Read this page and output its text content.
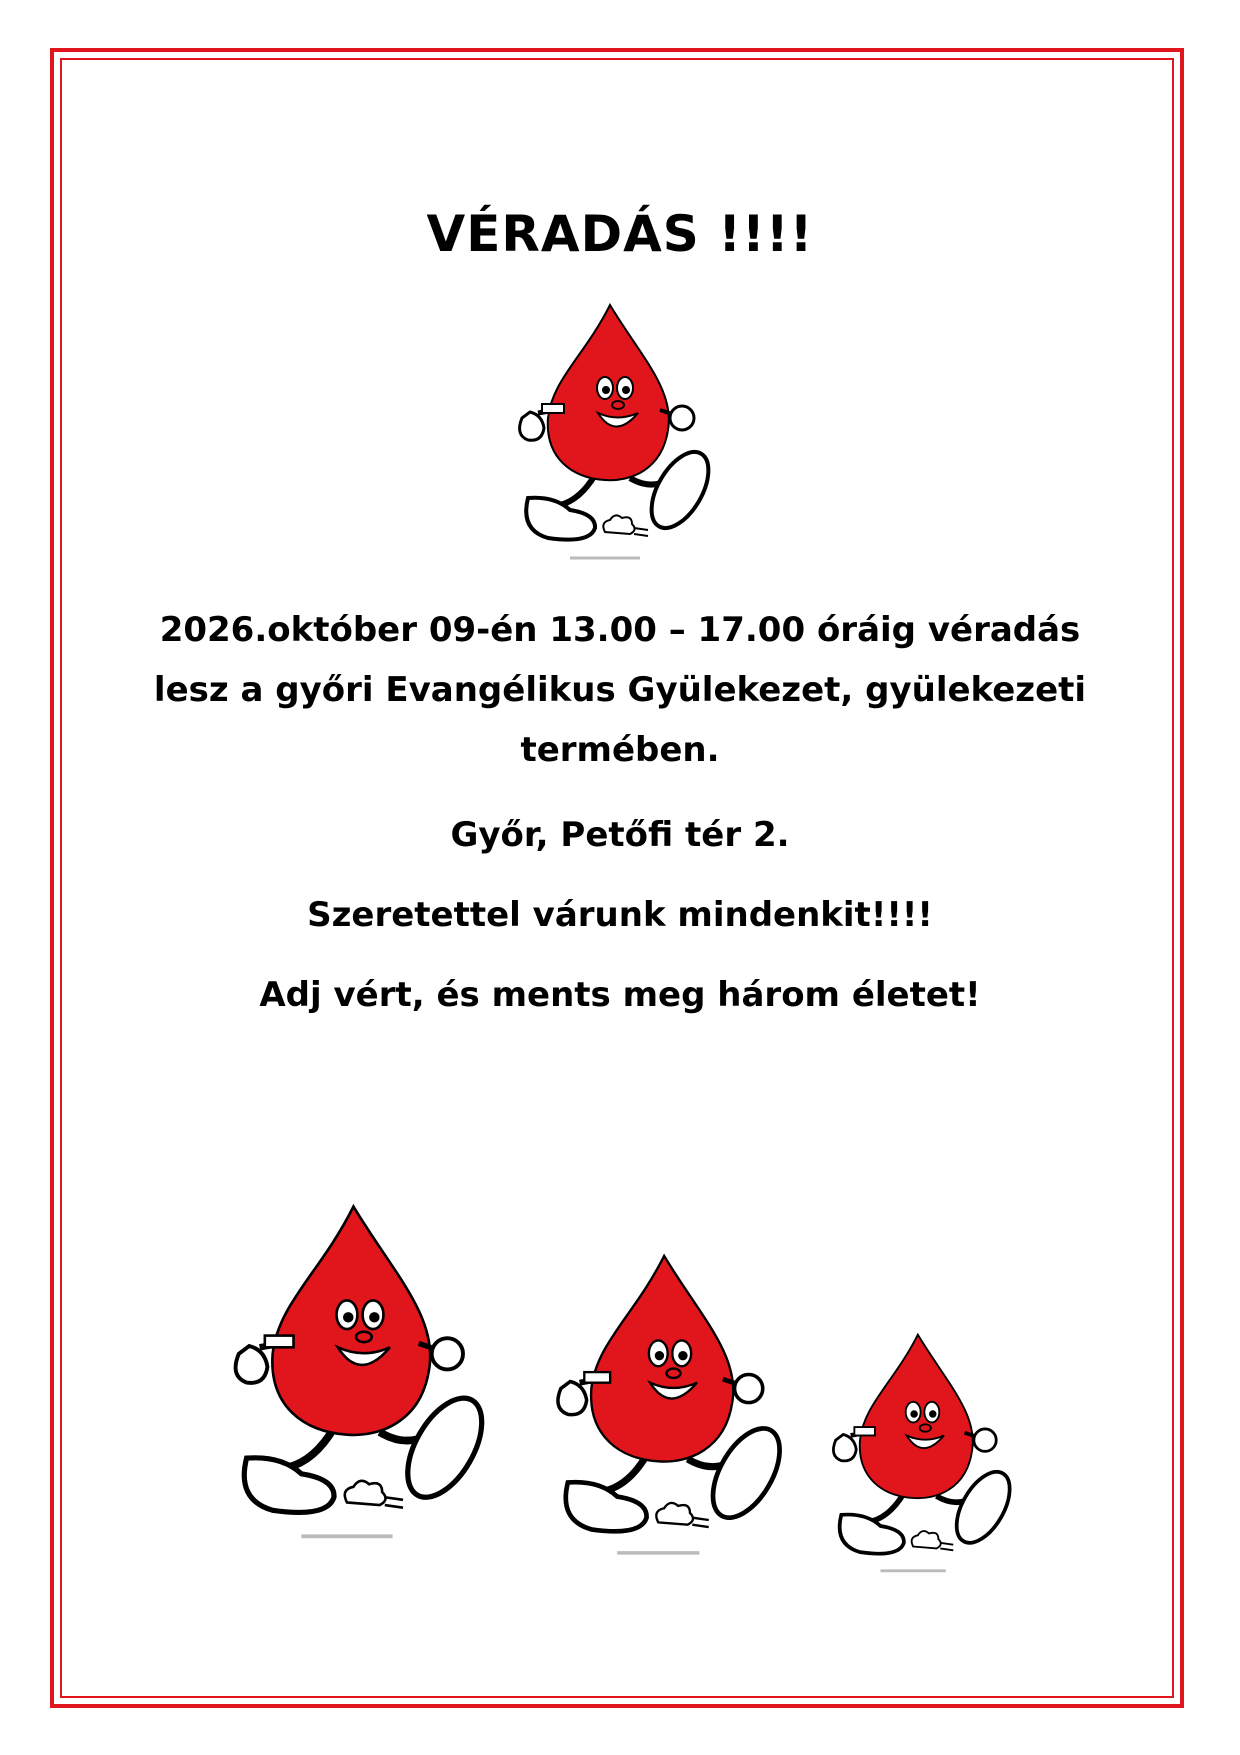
VÉRADÁS !!!!
2026.október 09-én 13.00 – 17.00 óráig véradás lesz a győri Evangélikus Gyülekezet, gyülekezeti termében.
Győr, Petőfi tér 2.
Szeretettel várunk mindenkit!!!!
Adj vért, és ments meg három életet!
